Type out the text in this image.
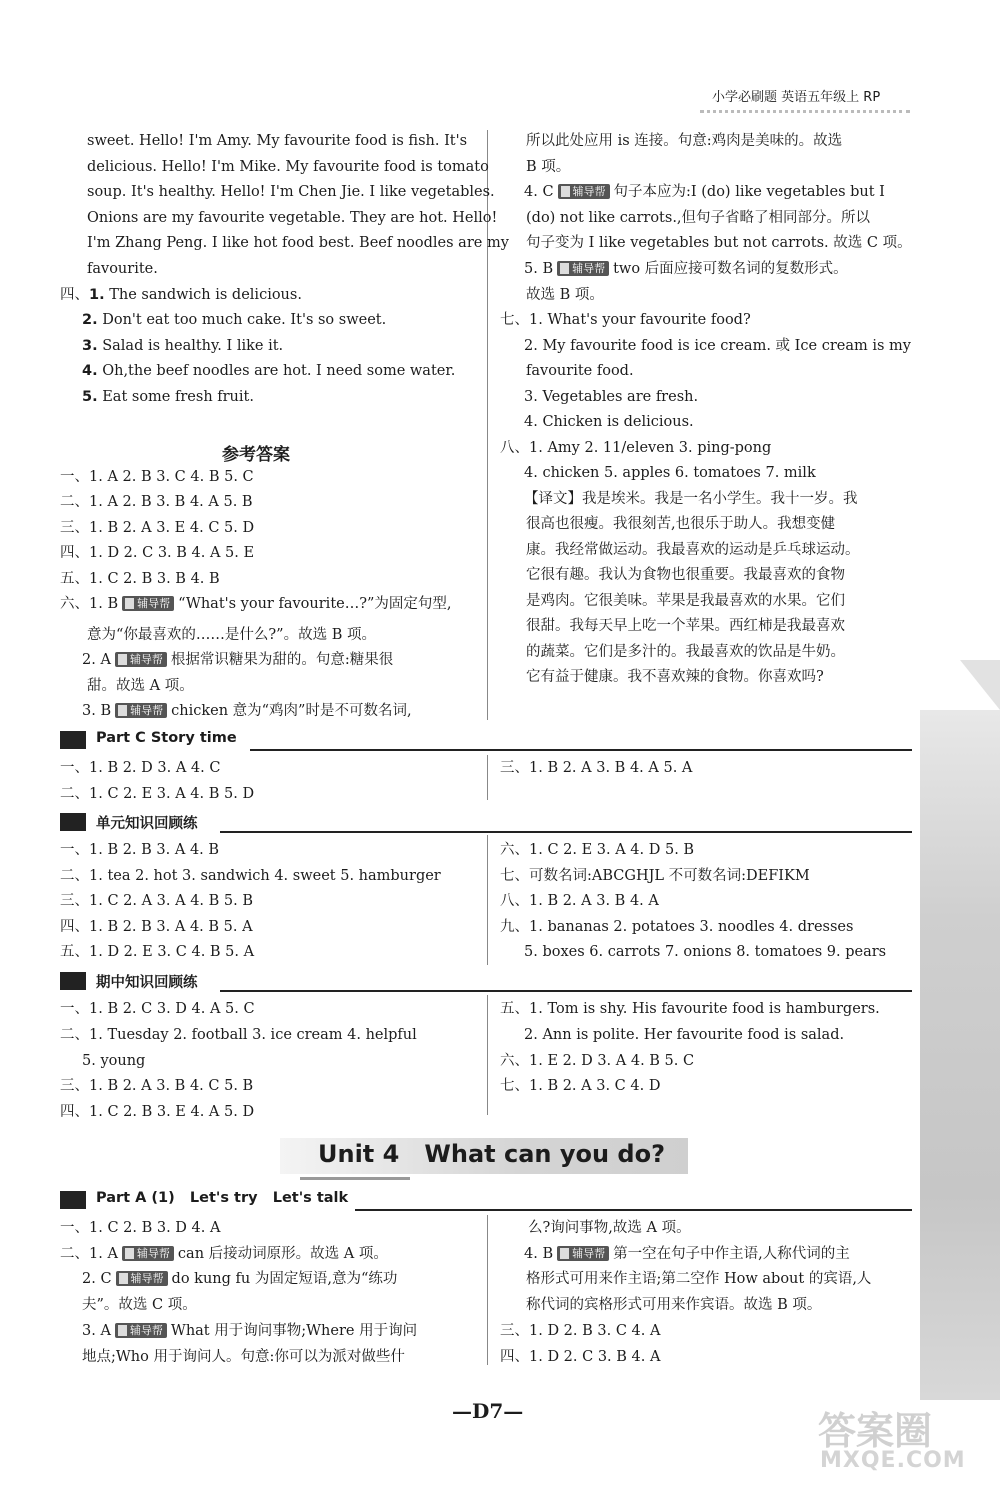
小学必刷题 英语五年级上 RP
sweet. Hello! I'm Amy. My favourite food is fish. It's
delicious. Hello! I'm Mike. My favourite food is tomato
soup. It's healthy. Hello! I'm Chen Jie. I like vegetables.
Onions are my favourite vegetable. They are hot. Hello!
I'm Zhang Peng. I like hot food best. Beef noodles are my
favourite.
四、1. The sandwich is delicious.
2. Don't eat too much cake. It's so sweet.
3. Salad is healthy. I like it.
4. Oh,the beef noodles are hot. I need some water.
5. Eat some fresh fruit.
参考答案
一、1. A 2. B 3. C 4. B 5. C
二、1. A 2. B 3. B 4. A 5. B
三、1. B 2. A 3. E 4. C 5. D
四、1. D 2. C 3. B 4. A 5. E
五、1. C 2. B 3. B 4. B
六、1. B 辅导帮 “What's your favourite…?”为固定句型,
意为“你最喜欢的……是什么?”。故选 B 项。
2. A 辅导帮 根据常识糖果为甜的。句意:糖果很
甜。故选 A 项。
3. B 辅导帮 chicken 意为“鸡肉”时是不可数名词,
所以此处应用 is 连接。句意:鸡肉是美味的。故选
B 项。
4. C 辅导帮 句子本应为:I (do) like vegetables but I
(do) not like carrots.,但句子省略了相同部分。所以
句子变为 I like vegetables but not carrots. 故选 C 项。
5. B 辅导帮 two 后面应接可数名词的复数形式。
故选 B 项。
七、1. What's your favourite food?
2. My favourite food is ice cream. 或 Ice cream is my
favourite food.
3. Vegetables are fresh.
4. Chicken is delicious.
八、1. Amy 2. 11/eleven 3. ping-pong
4. chicken 5. apples 6. tomatoes 7. milk
【译文】我是埃米。我是一名小学生。我十一岁。我
很高也很瘦。我很刻苦,也很乐于助人。我想变健
康。我经常做运动。我最喜欢的运动是乒乓球运动。
它很有趣。我认为食物也很重要。我最喜欢的食物
是鸡肉。它很美味。苹果是我最喜欢的水果。它们
很甜。我每天早上吃一个苹果。西红柿是我最喜欢
的蔬菜。它们是多汁的。我最喜欢的饮品是牛奶。
它有益于健康。我不喜欢辣的食物。你喜欢吗?
Part C Story time
一、1. B 2. D 3. A 4. C
二、1. C 2. E 3. A 4. B 5. D
三、1. B 2. A 3. B 4. A 5. A
单元知识回顾练
一、1. B 2. B 3. A 4. B
二、1. tea 2. hot 3. sandwich 4. sweet 5. hamburger
三、1. C 2. A 3. A 4. B 5. B
四、1. B 2. B 3. A 4. B 5. A
五、1. D 2. E 3. C 4. B 5. A
六、1. C 2. E 3. A 4. D 5. B
七、可数名词:ABCGHJL 不可数名词:DEFIKM
八、1. B 2. A 3. B 4. A
九、1. bananas 2. potatoes 3. noodles 4. dresses
5. boxes 6. carrots 7. onions 8. tomatoes 9. pears
期中知识回顾练
一、1. B 2. C 3. D 4. A 5. C
二、1. Tuesday 2. football 3. ice cream 4. helpful
5. young
三、1. B 2. A 3. B 4. C 5. B
四、1. C 2. B 3. E 4. A 5. D
五、1. Tom is shy. His favourite food is hamburgers.
2. Ann is polite. Her favourite food is salad.
六、1. E 2. D 3. A 4. B 5. C
七、1. B 2. A 3. C 4. D
Unit 4   What can you do?
Part A (1)   Let's try   Let's talk
一、1. C 2. B 3. D 4. A
二、1. A 辅导帮 can 后接动词原形。故选 A 项。
2. C 辅导帮 do kung fu 为固定短语,意为“练功
夫”。故选 C 项。
3. A 辅导帮 What 用于询问事物;Where 用于询问
地点;Who 用于询问人。句意:你可以为派对做些什
么?询问事物,故选 A 项。
4. B 辅导帮 第一空在句子中作主语,人称代词的主
格形式可用来作主语;第二空作 How about 的宾语,人
称代词的宾格形式可用来作宾语。故选 B 项。
三、1. D 2. B 3. C 4. A
四、1. D 2. C 3. B 4. A
—D7—	答案圈
MXQE.COM
